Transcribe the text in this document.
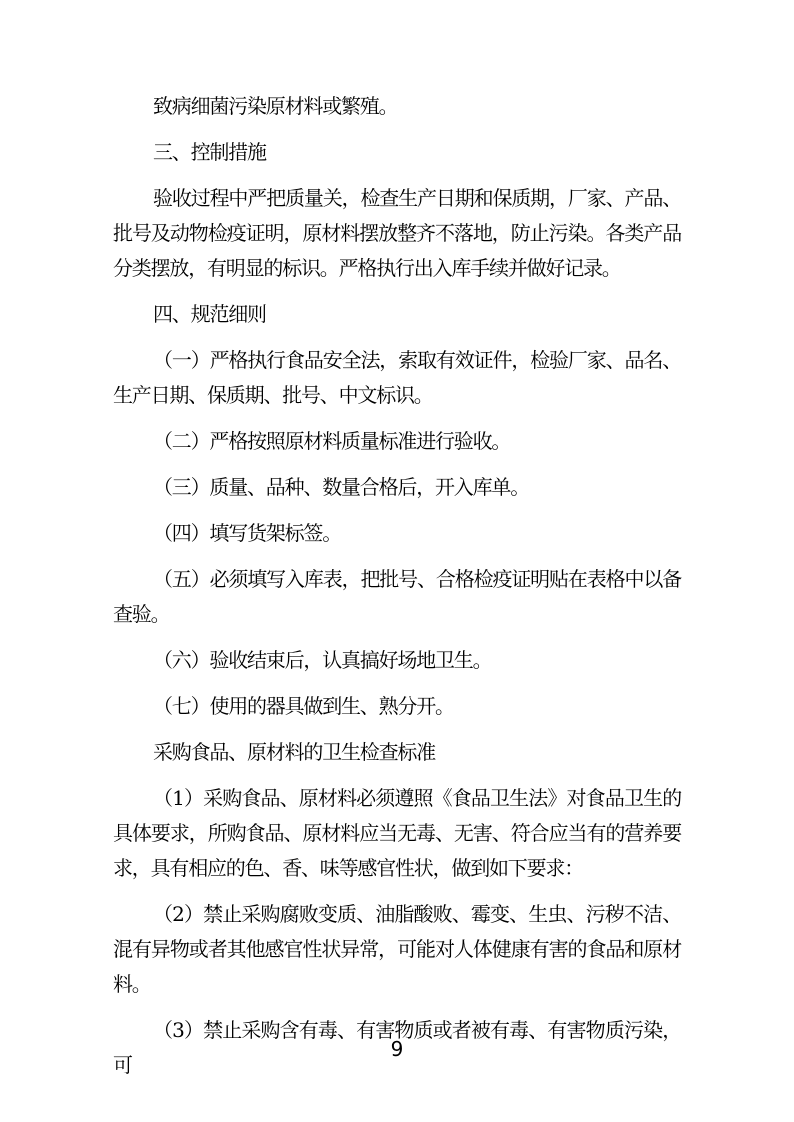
致病细菌污染原材料或繁殖。

三、控制措施

验收过程中严把质量关，检查生产日期和保质期，厂家、产品、批号及动物检疫证明，原材料摆放整齐不落地，防止污染。各类产品分类摆放，有明显的标识。严格执行出入库手续并做好记录。

四、规范细则

（一）严格执行食品安全法，索取有效证件，检验厂家、品名、生产日期、保质期、批号、中文标识。

（二）严格按照原材料质量标准进行验收。

（三）质量、品种、数量合格后，开入库单。

（四）填写货架标签。

（五）必须填写入库表，把批号、合格检疫证明贴在表格中以备查验。

（六）验收结束后，认真搞好场地卫生。

（七）使用的器具做到生、熟分开。

采购食品、原材料的卫生检查标准

（1）采购食品、原材料必须遵照《食品卫生法》对食品卫生的具体要求，所购食品、原材料应当无毒、无害、符合应当有的营养要求，具有相应的色、香、味等感官性状，做到如下要求：

（2）禁止采购腐败变质、油脂酸败、霉变、生虫、污秽不洁、混有异物或者其他感官性状异常，可能对人体健康有害的食品和原材料。

（3）禁止采购含有毒、有害物质或者被有毒、有害物质污染，可

9
